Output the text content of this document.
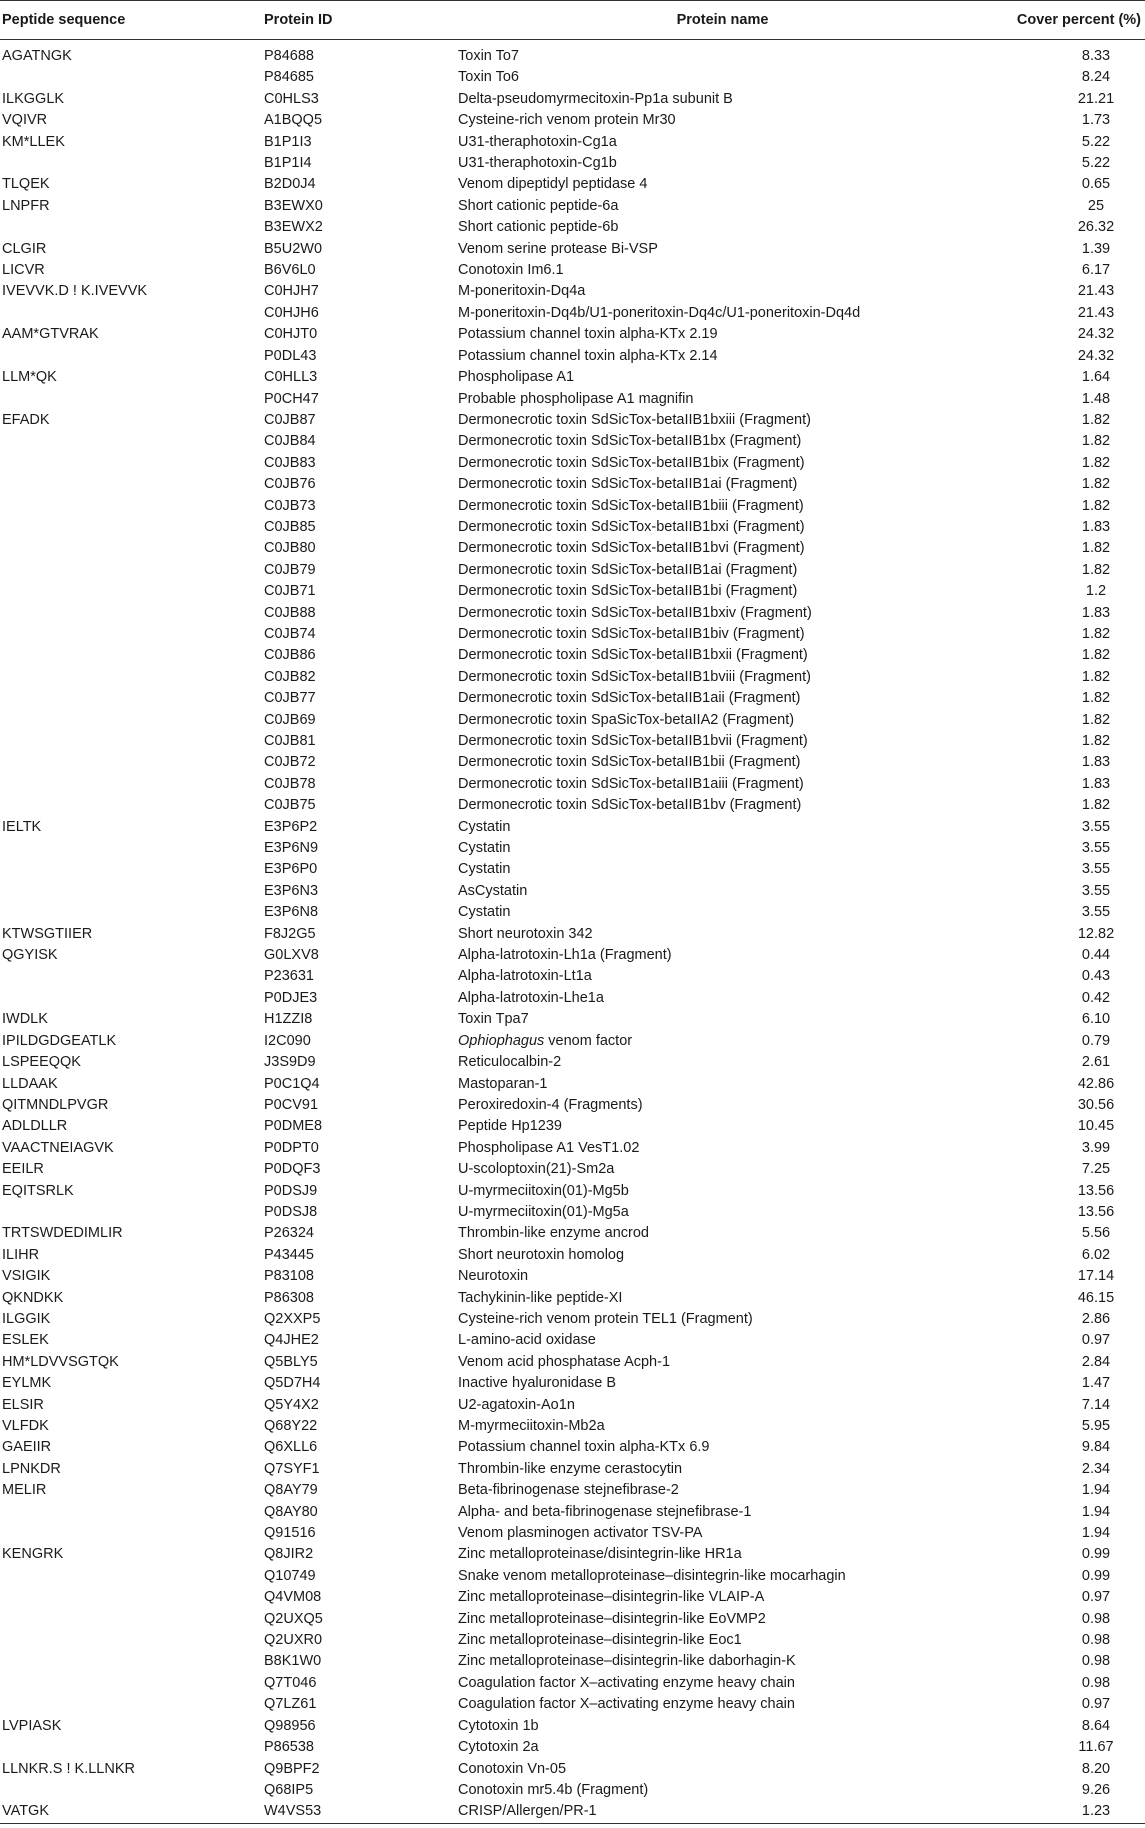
Peptide sequence	Protein ID	Protein name	Cover percent (%)
AGATNGK	P84688	Toxin To7	8.33
	P84685	Toxin To6	8.24
ILKGGLK	C0HLS3	Delta-pseudomyrmecitoxin-Pp1a subunit B	21.21
VQIVR	A1BQQ5	Cysteine-rich venom protein Mr30	1.73
KM*LLEK	B1P1I3	U31-theraphotoxin-Cg1a	5.22
	B1P1I4	U31-theraphotoxin-Cg1b	5.22
TLQEK	B2D0J4	Venom dipeptidyl peptidase 4	0.65
LNPFR	B3EWX0	Short cationic peptide-6a	25
	B3EWX2	Short cationic peptide-6b	26.32
CLGIR	B5U2W0	Venom serine protease Bi-VSP	1.39
LICVR	B6V6L0	Conotoxin Im6.1	6.17
IVEVVK.D ! K.IVEVVK	C0HJH7	M-poneritoxin-Dq4a	21.43
	C0HJH6	M-poneritoxin-Dq4b/U1-poneritoxin-Dq4c/U1-poneritoxin-Dq4d	21.43
AAM*GTVRAK	C0HJT0	Potassium channel toxin alpha-KTx 2.19	24.32
	P0DL43	Potassium channel toxin alpha-KTx 2.14	24.32
LLM*QK	C0HLL3	Phospholipase A1	1.64
	P0CH47	Probable phospholipase A1 magnifin	1.48
EFADK	C0JB87	Dermonecrotic toxin SdSicTox-betaIIB1bxiii (Fragment)	1.82
	C0JB84	Dermonecrotic toxin SdSicTox-betaIIB1bx (Fragment)	1.82
	C0JB83	Dermonecrotic toxin SdSicTox-betaIIB1bix (Fragment)	1.82
	C0JB76	Dermonecrotic toxin SdSicTox-betaIIB1ai (Fragment)	1.82
	C0JB73	Dermonecrotic toxin SdSicTox-betaIIB1biii (Fragment)	1.82
	C0JB85	Dermonecrotic toxin SdSicTox-betaIIB1bxi (Fragment)	1.83
	C0JB80	Dermonecrotic toxin SdSicTox-betaIIB1bvi (Fragment)	1.82
	C0JB79	Dermonecrotic toxin SdSicTox-betaIIB1ai (Fragment)	1.82
	C0JB71	Dermonecrotic toxin SdSicTox-betaIIB1bi (Fragment)	1.2
	C0JB88	Dermonecrotic toxin SdSicTox-betaIIB1bxiv (Fragment)	1.83
	C0JB74	Dermonecrotic toxin SdSicTox-betaIIB1biv (Fragment)	1.82
	C0JB86	Dermonecrotic toxin SdSicTox-betaIIB1bxii (Fragment)	1.82
	C0JB82	Dermonecrotic toxin SdSicTox-betaIIB1bviii (Fragment)	1.82
	C0JB77	Dermonecrotic toxin SdSicTox-betaIIB1aii (Fragment)	1.82
	C0JB69	Dermonecrotic toxin SpaSicTox-betaIIA2 (Fragment)	1.82
	C0JB81	Dermonecrotic toxin SdSicTox-betaIIB1bvii (Fragment)	1.82
	C0JB72	Dermonecrotic toxin SdSicTox-betaIIB1bii (Fragment)	1.83
	C0JB78	Dermonecrotic toxin SdSicTox-betaIIB1aiii (Fragment)	1.83
	C0JB75	Dermonecrotic toxin SdSicTox-betaIIB1bv (Fragment)	1.82
IELTK	E3P6P2	Cystatin	3.55
	E3P6N9	Cystatin	3.55
	E3P6P0	Cystatin	3.55
	E3P6N3	AsCystatin	3.55
	E3P6N8	Cystatin	3.55
KTWSGTIIER	F8J2G5	Short neurotoxin 342	12.82
QGYISK	G0LXV8	Alpha-latrotoxin-Lh1a (Fragment)	0.44
	P23631	Alpha-latrotoxin-Lt1a	0.43
	P0DJE3	Alpha-latrotoxin-Lhe1a	0.42
IWDLK	H1ZZI8	Toxin Tpa7	6.10
IPILDGDGEATLK	I2C090	Ophiophagus venom factor	0.79
LSPEEQQK	J3S9D9	Reticulocalbin-2	2.61
LLDAAK	P0C1Q4	Mastoparan-1	42.86
QITMNDLPVGR	P0CV91	Peroxiredoxin-4 (Fragments)	30.56
ADLDLLR	P0DME8	Peptide Hp1239	10.45
VAACTNEIAGVK	P0DPT0	Phospholipase A1 VesT1.02	3.99
EEILR	P0DQF3	U-scoloptoxin(21)-Sm2a	7.25
EQITSRLK	P0DSJ9	U-myrmeciitoxin(01)-Mg5b	13.56
	P0DSJ8	U-myrmeciitoxin(01)-Mg5a	13.56
TRTSWDEDIMLIR	P26324	Thrombin-like enzyme ancrod	5.56
ILIHR	P43445	Short neurotoxin homolog	6.02
VSIGIK	P83108	Neurotoxin	17.14
QKNDKK	P86308	Tachykinin-like peptide-XI	46.15
ILGGIK	Q2XXP5	Cysteine-rich venom protein TEL1 (Fragment)	2.86
ESLEK	Q4JHE2	L-amino-acid oxidase	0.97
HM*LDVVSGTQK	Q5BLY5	Venom acid phosphatase Acph-1	2.84
EYLMK	Q5D7H4	Inactive hyaluronidase B	1.47
ELSIR	Q5Y4X2	U2-agatoxin-Ao1n	7.14
VLFDK	Q68Y22	M-myrmeciitoxin-Mb2a	5.95
GAEIIR	Q6XLL6	Potassium channel toxin alpha-KTx 6.9	9.84
LPNKDR	Q7SYF1	Thrombin-like enzyme cerastocytin	2.34
MELIR	Q8AY79	Beta-fibrinogenase stejnefibrase-2	1.94
	Q8AY80	Alpha- and beta-fibrinogenase stejnefibrase-1	1.94
	Q91516	Venom plasminogen activator TSV-PA	1.94
KENGRK	Q8JIR2	Zinc metalloproteinase/disintegrin-like HR1a	0.99
	Q10749	Snake venom metalloproteinase–disintegrin-like mocarhagin	0.99
	Q4VM08	Zinc metalloproteinase–disintegrin-like VLAIP-A	0.97
	Q2UXQ5	Zinc metalloproteinase–disintegrin-like EoVMP2	0.98
	Q2UXR0	Zinc metalloproteinase–disintegrin-like Eoc1	0.98
	B8K1W0	Zinc metalloproteinase–disintegrin-like daborhagin-K	0.98
	Q7T046	Coagulation factor X–activating enzyme heavy chain	0.98
	Q7LZ61	Coagulation factor X–activating enzyme heavy chain	0.97
LVPIASK	Q98956	Cytotoxin 1b	8.64
	P86538	Cytotoxin 2a	11.67
LLNKR.S ! K.LLNKR	Q9BPF2	Conotoxin Vn-05	8.20
	Q68IP5	Conotoxin mr5.4b (Fragment)	9.26
VATGK	W4VS53	CRISP/Allergen/PR-1	1.23
